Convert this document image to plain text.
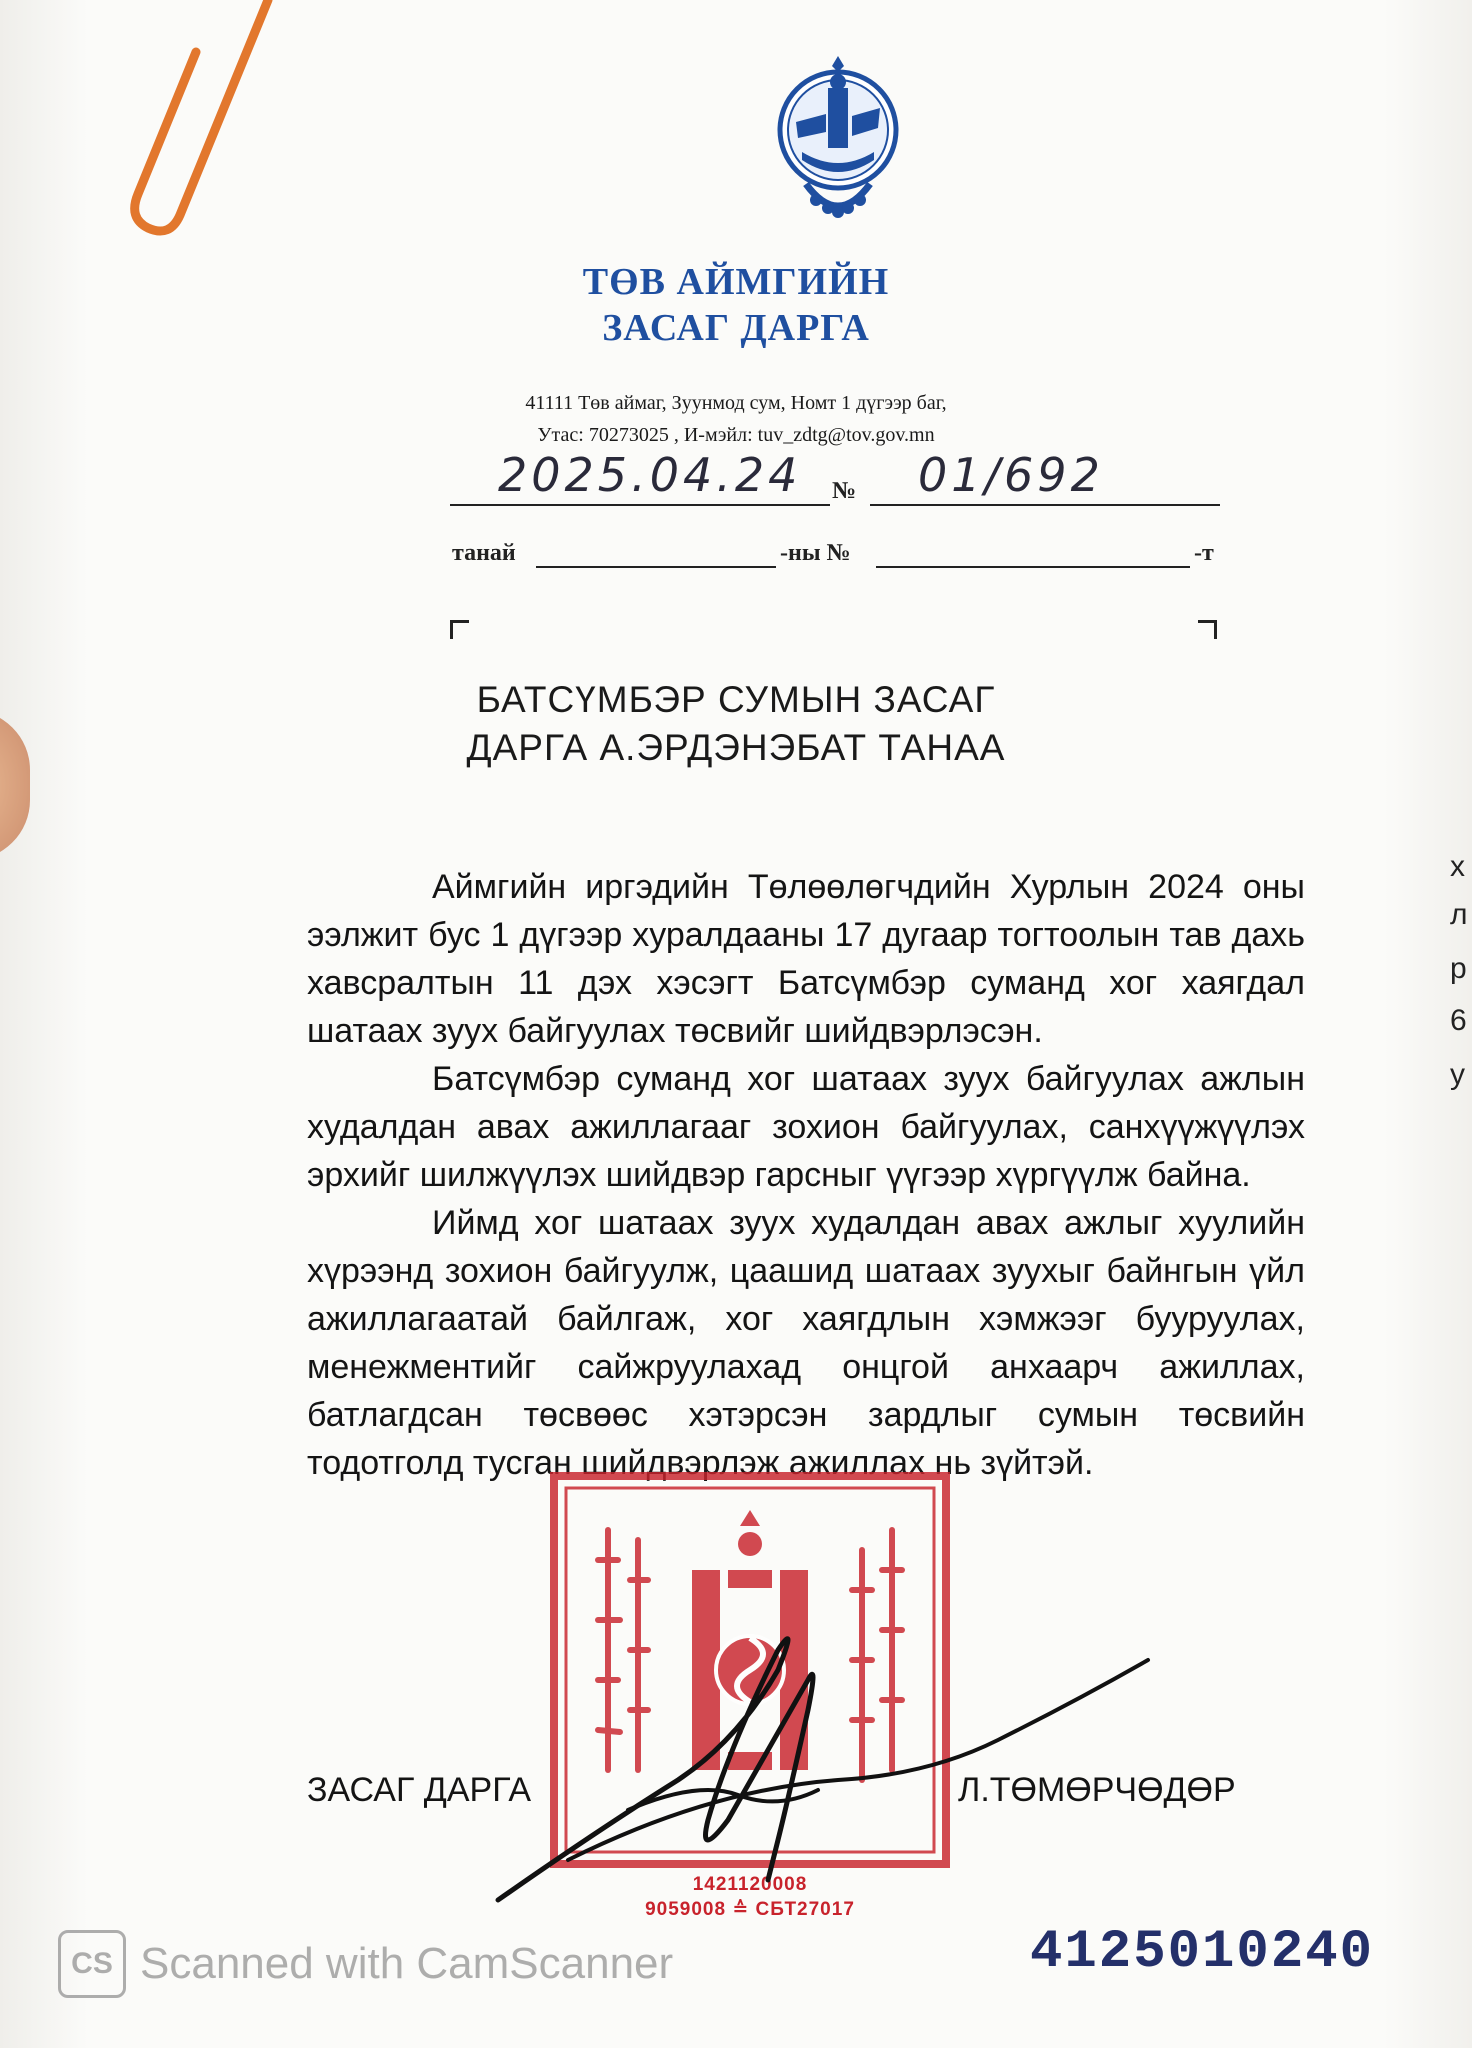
ТӨВ АЙМГИЙН
ЗАСАГ ДАРГА
41111 Төв аймаг, Зуунмод сум, Номт 1 дүгээр баг,
Утас: 70273025 , И-мэйл: tuv_zdtg@tov.gov.mn
2025.04.24 № 01/692
танай	-ны №	-т
БАТСҮМБЭР СУМЫН ЗАСАГ
ДАРГА А.ЭРДЭНЭБАТ ТАНАА

Аймгийн иргэдийн Төлөөлөгчдийн Хурлын 2024 оны ээлжит бус 1 дүгээр хуралдааны 17 дугаар тогтоолын тав дахь хавсралтын 11 дэх хэсэгт Батсүмбэр суманд хог хаягдал шатаах зуух байгуулах төсвийг шийдвэрлэсэн.

Батсүмбэр суманд хог шатаах зуух байгуулах ажлын худалдан авах ажиллагааг зохион байгуулах, санхүүжүүлэх эрхийг шилжүүлэх шийдвэр гарсныг үүгээр хүргүүлж байна.

Иймд хог шатаах зуух худалдан авах ажлыг хуулийн хүрээнд зохион байгуулж, цаашид шатаах зуухыг байнгын үйл ажиллагаатай байлгаж, хог хаягдлын хэмжээг бууруулах, менежментийг сайжруулахад онцгой анхаарч ажиллах, батлагдсан төсвөөс хэтэрсэн зардлыг сумын төсвийн тодотголд тусган шийдвэрлэж ажиллах нь зүйтэй.

1421120008
9059008 ≙ СБТ27017
ЗАСАГ ДАРГА	Л.ТӨМӨРЧӨДӨР
4125010240
CS Scanned with CamScanner
х
л
р
6
у
